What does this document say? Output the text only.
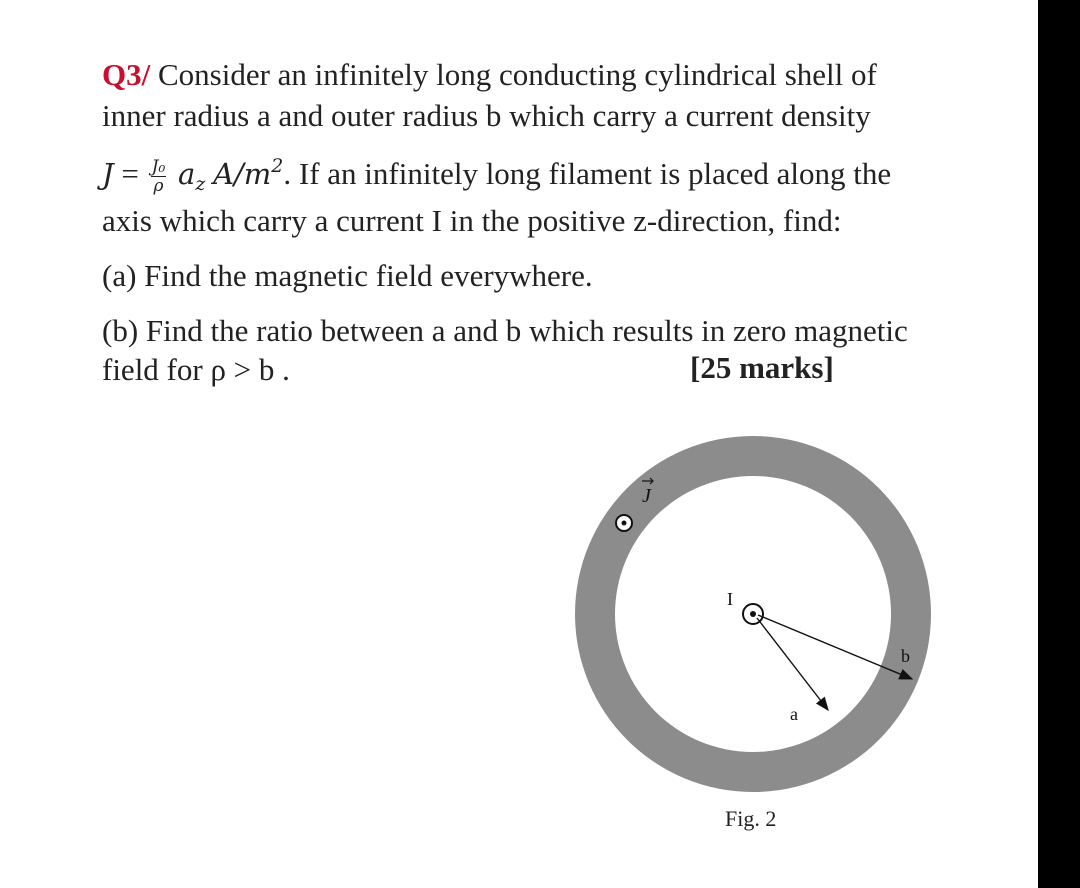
Q3/ Consider an infinitely long conducting cylindrical shell of
inner radius a and outer radius b which carry a current density
$J = \frac{\text{J₀}}{\rho} a_z$ $A/m^2$. If an infinitely long filament is placed along the
axis which carry a current I in the positive z-direction, find:
(a) Find the magnetic field everywhere.
(b) Find the ratio between a and b which results in zero magnetic
field for ρ > b .	[25 marks]
J
I
a
b
Fig. 2
